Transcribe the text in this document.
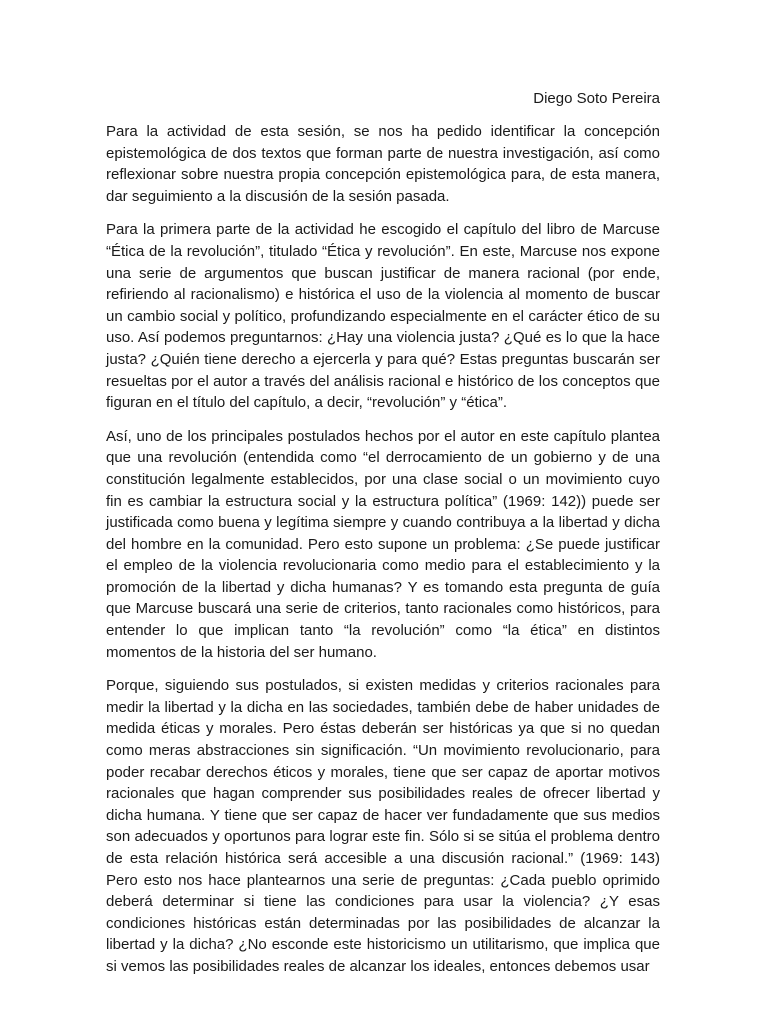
Diego Soto Pereira

Para la actividad de esta sesión, se nos ha pedido identificar la concepción epistemológica de dos textos que forman parte de nuestra investigación, así como reflexionar sobre nuestra propia concepción epistemológica para, de esta manera, dar seguimiento a la discusión de la sesión pasada.

Para la primera parte de la actividad he escogido el capítulo del libro de Marcuse “Ética de la revolución”, titulado “Ética y revolución”. En este, Marcuse nos expone una serie de argumentos que buscan justificar de manera racional (por ende, refiriendo al racionalismo) e histórica el uso de la violencia al momento de buscar un cambio social y político, profundizando especialmente en el carácter ético de su uso. Así podemos preguntarnos: ¿Hay una violencia justa? ¿Qué es lo que la hace justa? ¿Quién tiene derecho a ejercerla y para qué? Estas preguntas buscarán ser resueltas por el autor a través del análisis racional e histórico de los conceptos que figuran en el título del capítulo, a decir, “revolución” y “ética”.

Así, uno de los principales postulados hechos por el autor en este capítulo plantea que una revolución (entendida como “el derrocamiento de un gobierno y de una constitución legalmente establecidos, por una clase social o un movimiento cuyo fin es cambiar la estructura social y la estructura política” (1969: 142)) puede ser justificada como buena y legítima siempre y cuando contribuya a la libertad y dicha del hombre en la comunidad. Pero esto supone un problema: ¿Se puede justificar el empleo de la violencia revolucionaria como medio para el establecimiento y la promoción de la libertad y dicha humanas? Y es tomando esta pregunta de guía que Marcuse buscará una serie de criterios, tanto racionales como históricos, para entender lo que implican tanto “la revolución” como “la ética” en distintos momentos de la historia del ser humano.

Porque, siguiendo sus postulados, si existen medidas y criterios racionales para medir la libertad y la dicha en las sociedades, también debe de haber unidades de medida éticas y morales. Pero éstas deberán ser históricas ya que si no quedan como meras abstracciones sin significación. “Un movimiento revolucionario, para poder recabar derechos éticos y morales, tiene que ser capaz de aportar motivos racionales que hagan comprender sus posibilidades reales de ofrecer libertad y dicha humana. Y tiene que ser capaz de hacer ver fundadamente que sus medios son adecuados y oportunos para lograr este fin. Sólo si se sitúa el problema dentro de esta relación histórica será accesible a una discusión racional.” (1969: 143) Pero esto nos hace plantearnos una serie de preguntas: ¿Cada pueblo oprimido deberá determinar si tiene las condiciones para usar la violencia? ¿Y esas condiciones históricas están determinadas por las posibilidades de alcanzar la libertad y la dicha? ¿No esconde este historicismo un utilitarismo, que implica que si vemos las posibilidades reales de alcanzar los ideales, entonces debemos usar
